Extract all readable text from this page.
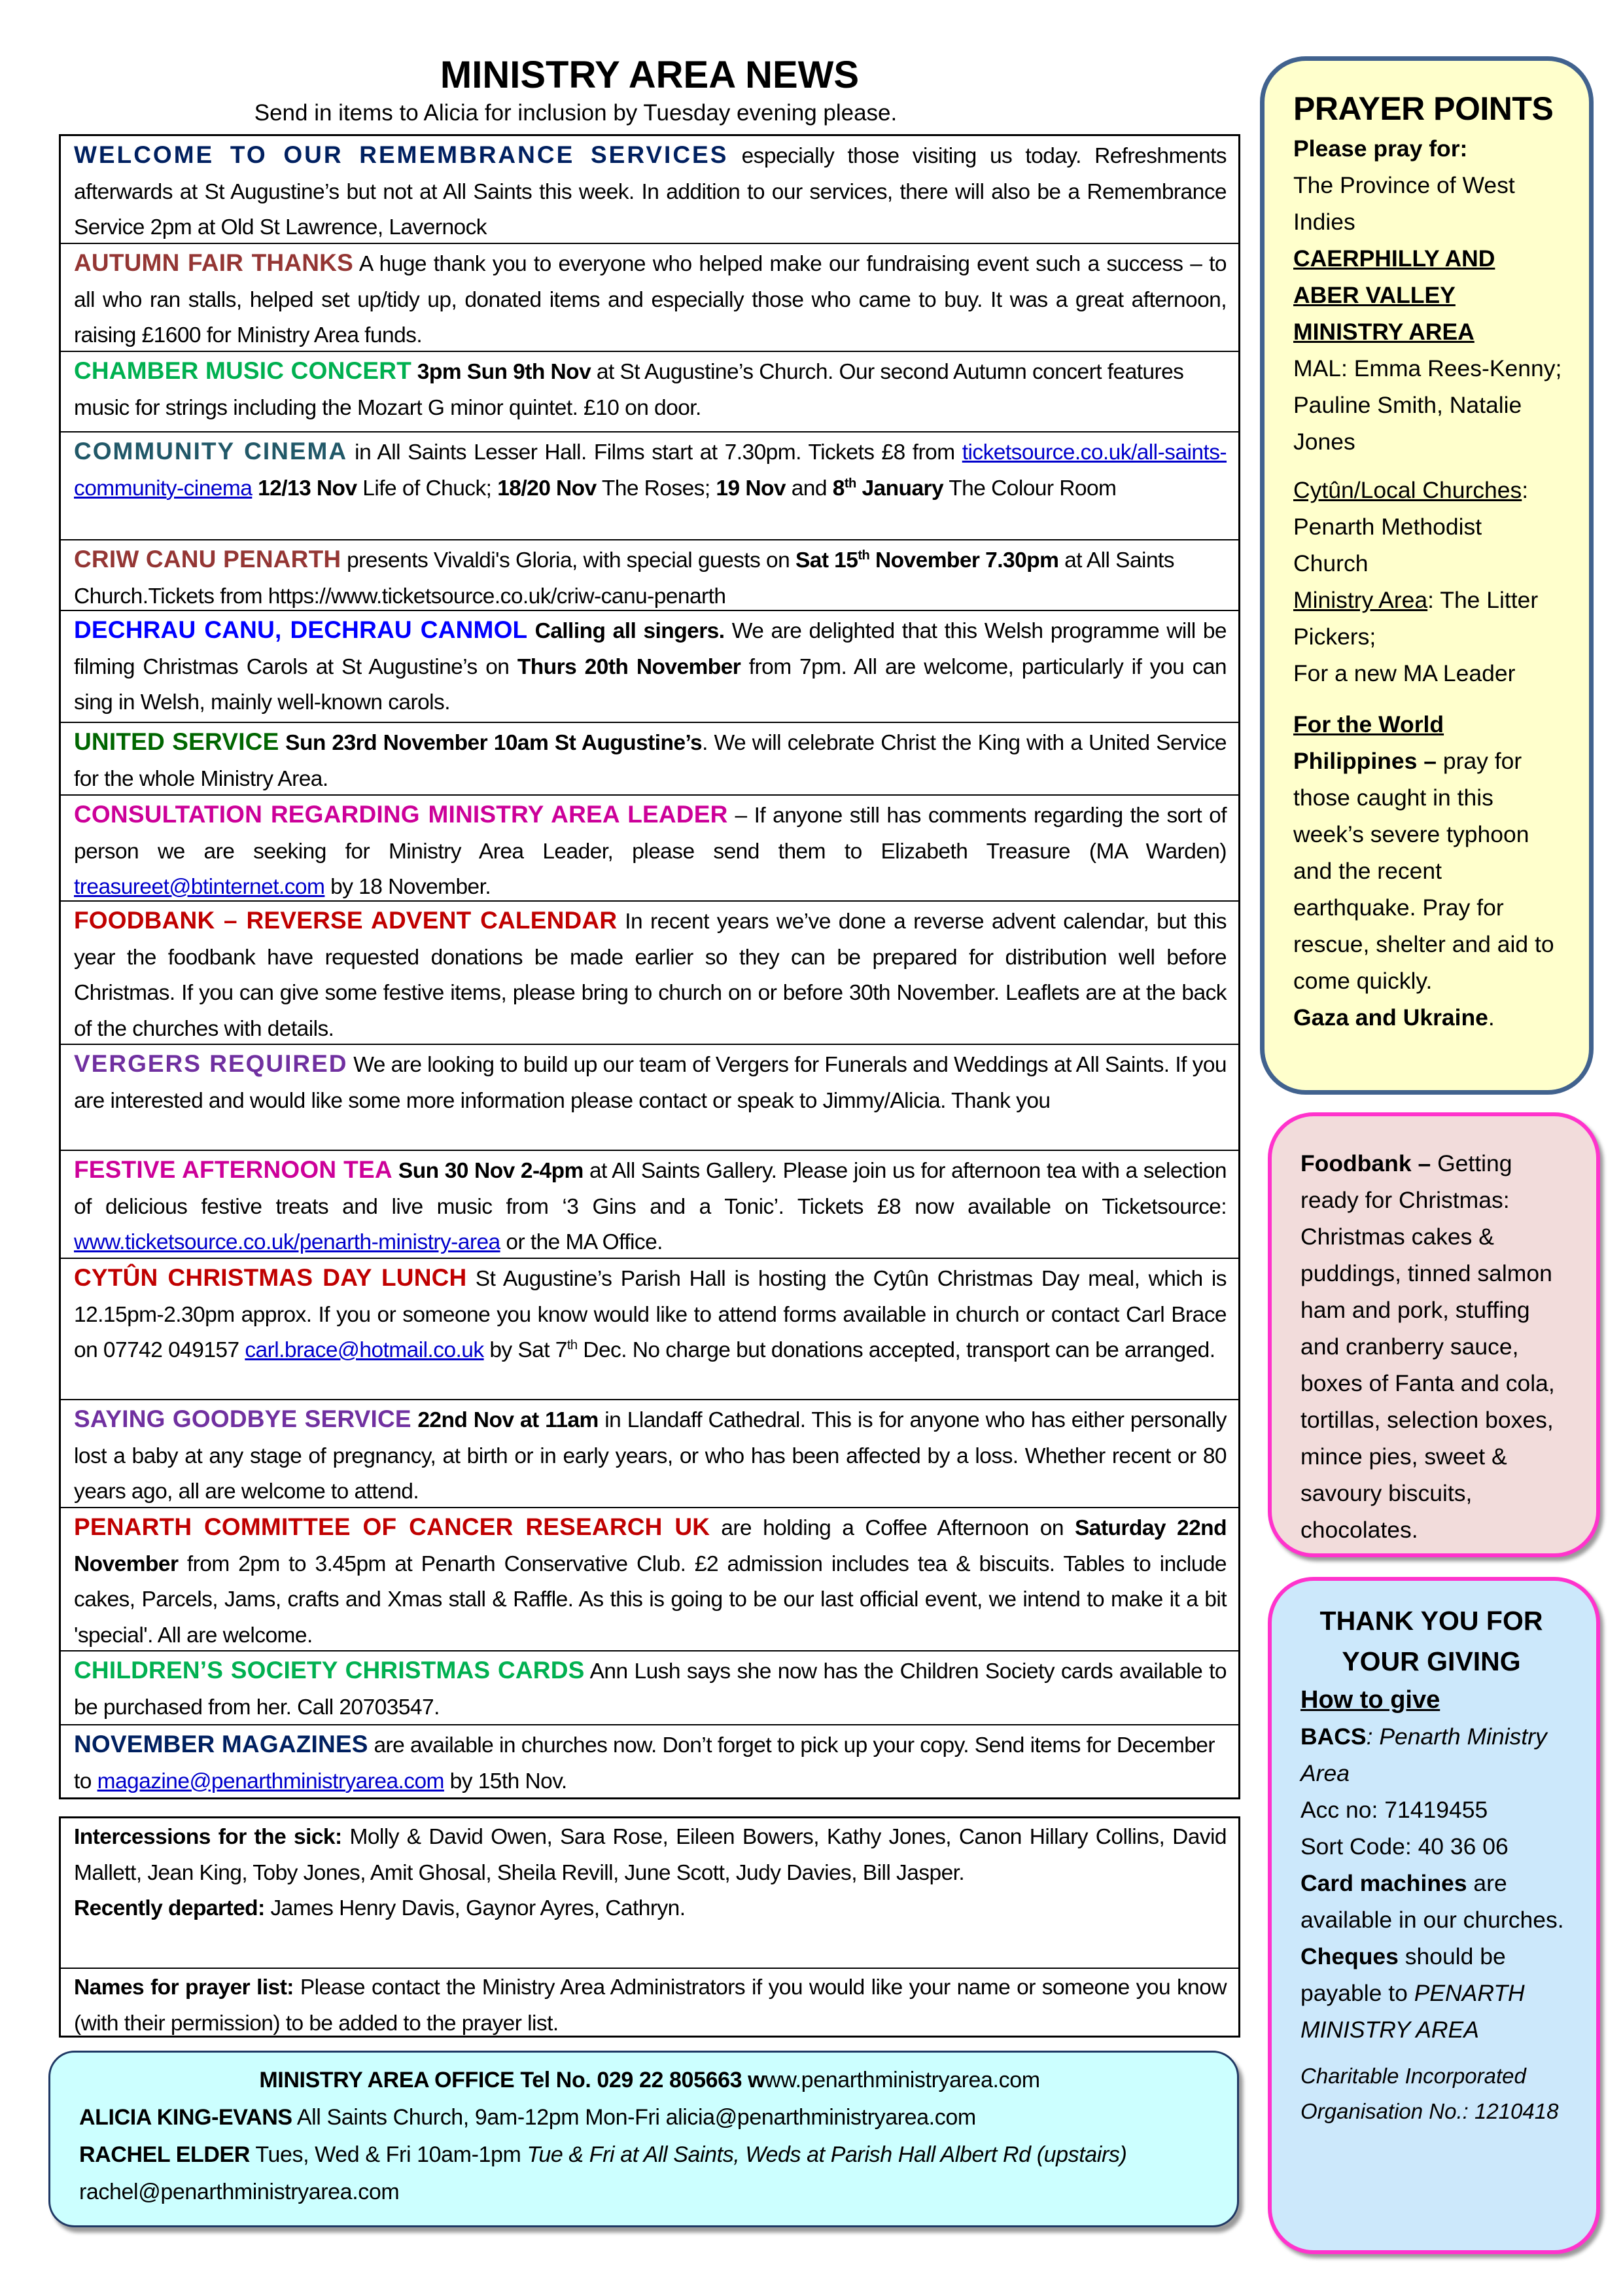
MINISTRY AREA NEWS
Send in items to Alicia for inclusion by Tuesday evening please.
WELCOME TO OUR REMEMBRANCE SERVICES especially those visiting us today. Refreshments afterwards at St Augustine’s but not at All Saints this week. In addition to our services, there will also be a Remembrance Service 2pm at Old St Lawrence, Lavernock
AUTUMN FAIR THANKS A huge thank you to everyone who helped make our fundraising event such a success – to all who ran stalls, helped set up/tidy up, donated items and especially those who came to buy. It was a great afternoon, raising £1600 for Ministry Area funds.
CHAMBER MUSIC CONCERT 3pm Sun 9th Nov at St Augustine’s Church. Our second Autumn concert features music for strings including the Mozart G minor quintet. £10 on door.
COMMUNITY CINEMA in All Saints Lesser Hall. Films start at 7.30pm. Tickets £8 from ticketsource.co.uk/all-saints-community-cinema 12/13 Nov Life of Chuck; 18/20 Nov The Roses; 19 Nov and 8th January The Colour Room
CRIW CANU PENARTH presents Vivaldi's Gloria, with special guests on Sat 15th November 7.30pm at All Saints Church.Tickets from https://www.ticketsource.co.uk/criw-canu-penarth
DECHRAU CANU, DECHRAU CANMOL Calling all singers. We are delighted that this Welsh programme will be filming Christmas Carols at St Augustine’s on Thurs 20th November from 7pm. All are welcome, particularly if you can sing in Welsh, mainly well-known carols.
UNITED SERVICE Sun 23rd November 10am St Augustine’s. We will celebrate Christ the King with a United Service for the whole Ministry Area.
CONSULTATION REGARDING MINISTRY AREA LEADER – If anyone still has comments regarding the sort of person we are seeking for Ministry Area Leader, please send them to Elizabeth Treasure (MA Warden) treasureet@btinternet.com by 18 November.
FOODBANK – REVERSE ADVENT CALENDAR In recent years we’ve done a reverse advent calendar, but this year the foodbank have requested donations be made earlier so they can be prepared for distribution well before Christmas. If you can give some festive items, please bring to church on or before 30th November. Leaflets are at the back of the churches with details.
VERGERS REQUIRED We are looking to build up our team of Vergers for Funerals and Weddings at All Saints. If you are interested and would like some more information please contact or speak to Jimmy/Alicia. Thank you
FESTIVE AFTERNOON TEA Sun 30 Nov 2-4pm at All Saints Gallery. Please join us for afternoon tea with a selection of delicious festive treats and live music from ‘3 Gins and a Tonic’. Tickets £8 now available on Ticketsource: www.ticketsource.co.uk/penarth-ministry-area or the MA Office.
CYTÛN CHRISTMAS DAY LUNCH St Augustine’s Parish Hall is hosting the Cytûn Christmas Day meal, which is 12.15pm-2.30pm approx. If you or someone you know would like to attend forms available in church or contact Carl Brace on 07742 049157 carl.brace@hotmail.co.uk by Sat 7th Dec. No charge but donations accepted, transport can be arranged.
SAYING GOODBYE SERVICE 22nd Nov at 11am in Llandaff Cathedral. This is for anyone who has either personally lost a baby at any stage of pregnancy, at birth or in early years, or who has been affected by a loss. Whether recent or 80 years ago, all are welcome to attend.
PENARTH COMMITTEE OF CANCER RESEARCH UK are holding a Coffee Afternoon on Saturday 22nd November from 2pm to 3.45pm at Penarth Conservative Club. £2 admission includes tea & biscuits. Tables to include cakes, Parcels, Jams, crafts and Xmas stall & Raffle. As this is going to be our last official event, we intend to make it a bit 'special'. All are welcome.
CHILDREN’S SOCIETY CHRISTMAS CARDS Ann Lush says she now has the Children Society cards available to be purchased from her. Call 20703547.
NOVEMBER MAGAZINES are available in churches now. Don’t forget to pick up your copy. Send items for December to magazine@penarthministryarea.com by 15th Nov.
Intercessions for the sick: Molly & David Owen, Sara Rose, Eileen Bowers, Kathy Jones, Canon Hillary Collins, David Mallett, Jean King, Toby Jones, Amit Ghosal, Sheila Revill, June Scott, Judy Davies, Bill Jasper.
Recently departed: James Henry Davis, Gaynor Ayres, Cathryn.
Names for prayer list: Please contact the Ministry Area Administrators if you would like your name or someone you know (with their permission) to be added to the prayer list.
MINISTRY AREA OFFICE Tel No. 029 22 805663 www.penarthministryarea.com
ALICIA KING-EVANS All Saints Church, 9am-12pm Mon-Fri alicia@penarthministryarea.com
RACHEL ELDER Tues, Wed & Fri 10am-1pm Tue & Fri at All Saints, Weds at Parish Hall Albert Rd (upstairs) rachel@penarthministryarea.com
PRAYER POINTS
Please pray for:
The Province of West Indies
CAERPHILLY AND ABER VALLEY MINISTRY AREA
MAL: Emma Rees-Kenny; Pauline Smith, Natalie Jones
Cytûn/Local Churches:
Penarth Methodist Church
Ministry Area: The Litter Pickers;
For a new MA Leader
For the World
Philippines – pray for those caught in this week’s severe typhoon and the recent earthquake. Pray for rescue, shelter and aid to come quickly.
Gaza and Ukraine.
Foodbank – Getting ready for Christmas: Christmas cakes & puddings, tinned salmon ham and pork, stuffing and cranberry sauce, boxes of Fanta and cola, tortillas, selection boxes, mince pies, sweet & savoury biscuits, chocolates.
THANK YOU FOR YOUR GIVING
How to give
BACS: Penarth Ministry Area
Acc no: 71419455
Sort Code: 40 36 06
Card machines are available in our churches.
Cheques should be payable to PENARTH MINISTRY AREA
Charitable Incorporated Organisation No.: 1210418
